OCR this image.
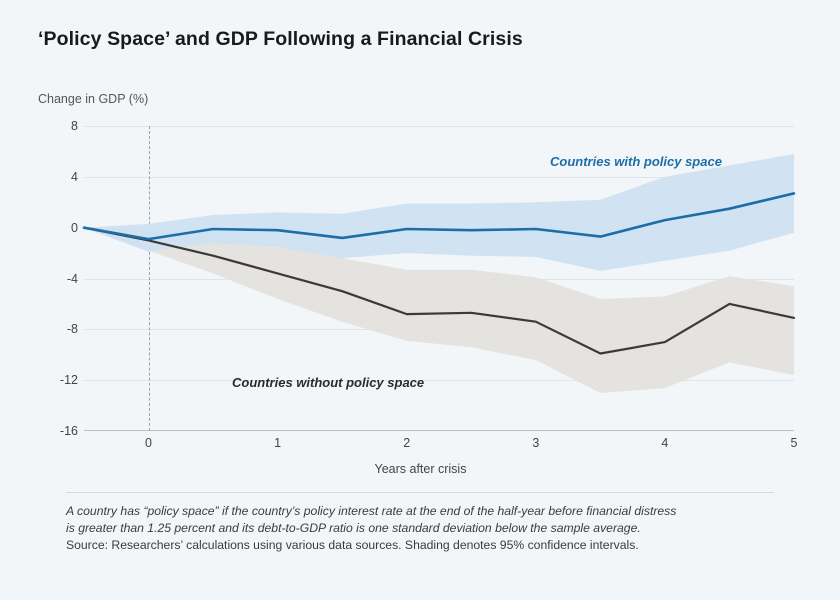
‘Policy Space’ and GDP Following a Financial Crisis
Change in GDP (%)
8
4
0
-4
-8
-12
-16
Countries with policy space
Countries without policy space
0	1	2	3	4	5
Years after crisis
A country has “policy space” if the country’s policy interest rate at the end of the half-year before financial distress
is greater than 1.25 percent and its debt-to-GDP ratio is one standard deviation below the sample average.
Source: Researchers’ calculations using various data sources. Shading denotes 95% confidence intervals.
